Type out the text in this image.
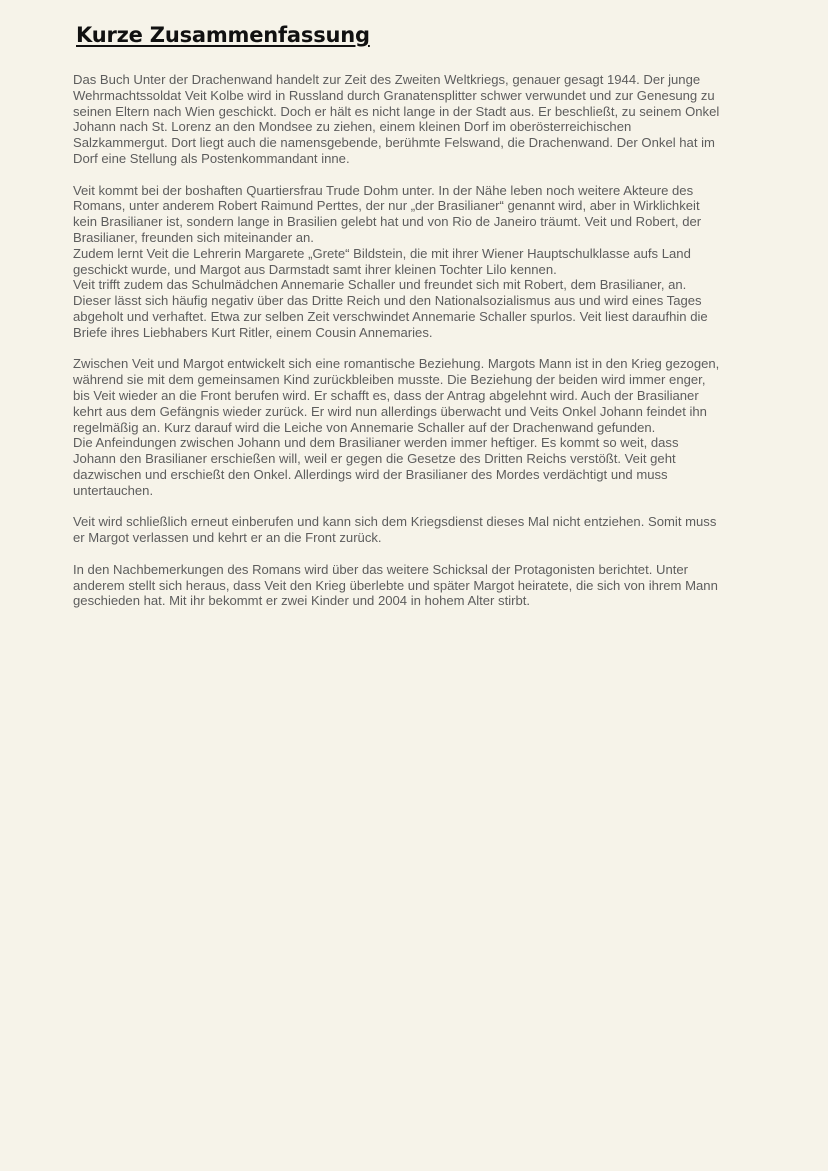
Kurze Zusammenfassung

Das Buch Unter der Drachenwand handelt zur Zeit des Zweiten Weltkriegs, genauer gesagt 1944. Der junge
Wehrmachtssoldat Veit Kolbe wird in Russland durch Granatensplitter schwer verwundet und zur Genesung zu
seinen Eltern nach Wien geschickt. Doch er hält es nicht lange in der Stadt aus. Er beschließt, zu seinem Onkel
Johann nach St. Lorenz an den Mondsee zu ziehen, einem kleinen Dorf im oberösterreichischen
Salzkammergut. Dort liegt auch die namensgebende, berühmte Felswand, die Drachenwand. Der Onkel hat im
Dorf eine Stellung als Postenkommandant inne.

Veit kommt bei der boshaften Quartiersfrau Trude Dohm unter. In der Nähe leben noch weitere Akteure des
Romans, unter anderem Robert Raimund Perttes, der nur „der Brasilianer“ genannt wird, aber in Wirklichkeit
kein Brasilianer ist, sondern lange in Brasilien gelebt hat und von Rio de Janeiro träumt. Veit und Robert, der
Brasilianer, freunden sich miteinander an.
Zudem lernt Veit die Lehrerin Margarete „Grete“ Bildstein, die mit ihrer Wiener Hauptschulklasse aufs Land
geschickt wurde, und Margot aus Darmstadt samt ihrer kleinen Tochter Lilo kennen.
Veit trifft zudem das Schulmädchen Annemarie Schaller und freundet sich mit Robert, dem Brasilianer, an.
Dieser lässt sich häufig negativ über das Dritte Reich und den Nationalsozialismus aus und wird eines Tages
abgeholt und verhaftet. Etwa zur selben Zeit verschwindet Annemarie Schaller spurlos. Veit liest daraufhin die
Briefe ihres Liebhabers Kurt Ritler, einem Cousin Annemaries.

Zwischen Veit und Margot entwickelt sich eine romantische Beziehung. Margots Mann ist in den Krieg gezogen,
während sie mit dem gemeinsamen Kind zurückbleiben musste. Die Beziehung der beiden wird immer enger,
bis Veit wieder an die Front berufen wird. Er schafft es, dass der Antrag abgelehnt wird. Auch der Brasilianer
kehrt aus dem Gefängnis wieder zurück. Er wird nun allerdings überwacht und Veits Onkel Johann feindet ihn
regelmäßig an. Kurz darauf wird die Leiche von Annemarie Schaller auf der Drachenwand gefunden.
Die Anfeindungen zwischen Johann und dem Brasilianer werden immer heftiger. Es kommt so weit, dass
Johann den Brasilianer erschießen will, weil er gegen die Gesetze des Dritten Reichs verstößt. Veit geht
dazwischen und erschießt den Onkel. Allerdings wird der Brasilianer des Mordes verdächtigt und muss
untertauchen.

Veit wird schließlich erneut einberufen und kann sich dem Kriegsdienst dieses Mal nicht entziehen. Somit muss
er Margot verlassen und kehrt er an die Front zurück.

In den Nachbemerkungen des Romans wird über das weitere Schicksal der Protagonisten berichtet. Unter
anderem stellt sich heraus, dass Veit den Krieg überlebte und später Margot heiratete, die sich von ihrem Mann
geschieden hat. Mit ihr bekommt er zwei Kinder und 2004 in hohem Alter stirbt.
